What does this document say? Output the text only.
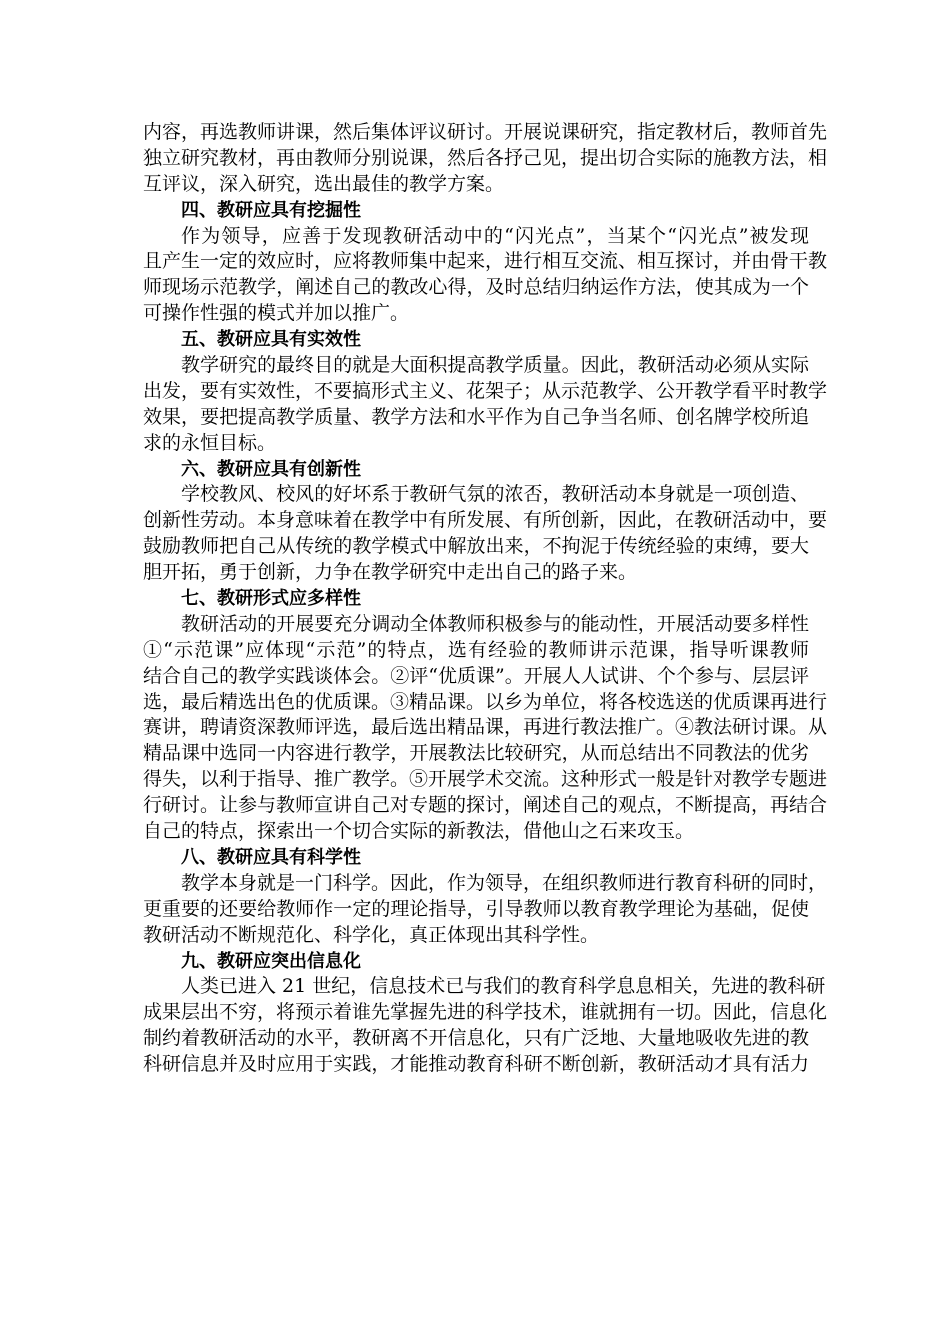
内容，再选教师讲课，然后集体评议研讨。开展说课研究，指定教材后，教师首先
独立研究教材，再由教师分别说课，然后各抒己见，提出切合实际的施教方法，相
互评议，深入研究，选出最佳的教学方案。
四、教研应具有挖掘性
作为领导，应善于发现教研活动中的“闪光点”，当某个“闪光点”被发现
且产生一定的效应时，应将教师集中起来，进行相互交流、相互探讨，并由骨干教
师现场示范教学，阐述自己的教改心得，及时总结归纳运作方法，使其成为一个
可操作性强的模式并加以推广。
五、教研应具有实效性
教学研究的最终目的就是大面积提高教学质量。因此，教研活动必须从实际
出发，要有实效性，不要搞形式主义、花架子；从示范教学、公开教学看平时教学
效果，要把提高教学质量、教学方法和水平作为自己争当名师、创名牌学校所追
求的永恒目标。
六、教研应具有创新性
学校教风、校风的好坏系于教研气氛的浓否，教研活动本身就是一项创造、
创新性劳动。本身意味着在教学中有所发展、有所创新，因此，在教研活动中，要
鼓励教师把自己从传统的教学模式中解放出来，不拘泥于传统经验的束缚，要大
胆开拓，勇于创新，力争在教学研究中走出自己的路子来。
七、教研形式应多样性
教研活动的开展要充分调动全体教师积极参与的能动性，开展活动要多样性
①“示范课”应体现“示范”的特点，选有经验的教师讲示范课，指导听课教师
结合自己的教学实践谈体会。②评“优质课”。开展人人试讲、个个参与、层层评
选，最后精选出色的优质课。③精品课。以乡为单位，将各校选送的优质课再进行
赛讲，聘请资深教师评选，最后选出精品课，再进行教法推广。④教法研讨课。从
精品课中选同一内容进行教学，开展教法比较研究，从而总结出不同教法的优劣
得失，以利于指导、推广教学。⑤开展学术交流。这种形式一般是针对教学专题进
行研讨。让参与教师宣讲自己对专题的探讨，阐述自己的观点，不断提高，再结合
自己的特点，探索出一个切合实际的新教法，借他山之石来攻玉。
八、教研应具有科学性
教学本身就是一门科学。因此，作为领导，在组织教师进行教育科研的同时，
更重要的还要给教师作一定的理论指导，引导教师以教育教学理论为基础，促使
教研活动不断规范化、科学化，真正体现出其科学性。
九、教研应突出信息化
人类已进入 21 世纪，信息技术已与我们的教育科学息息相关，先进的教科研
成果层出不穷，将预示着谁先掌握先进的科学技术，谁就拥有一切。因此，信息化
制约着教研活动的水平，教研离不开信息化，只有广泛地、大量地吸收先进的教
科研信息并及时应用于实践，才能推动教育科研不断创新，教研活动才具有活力
